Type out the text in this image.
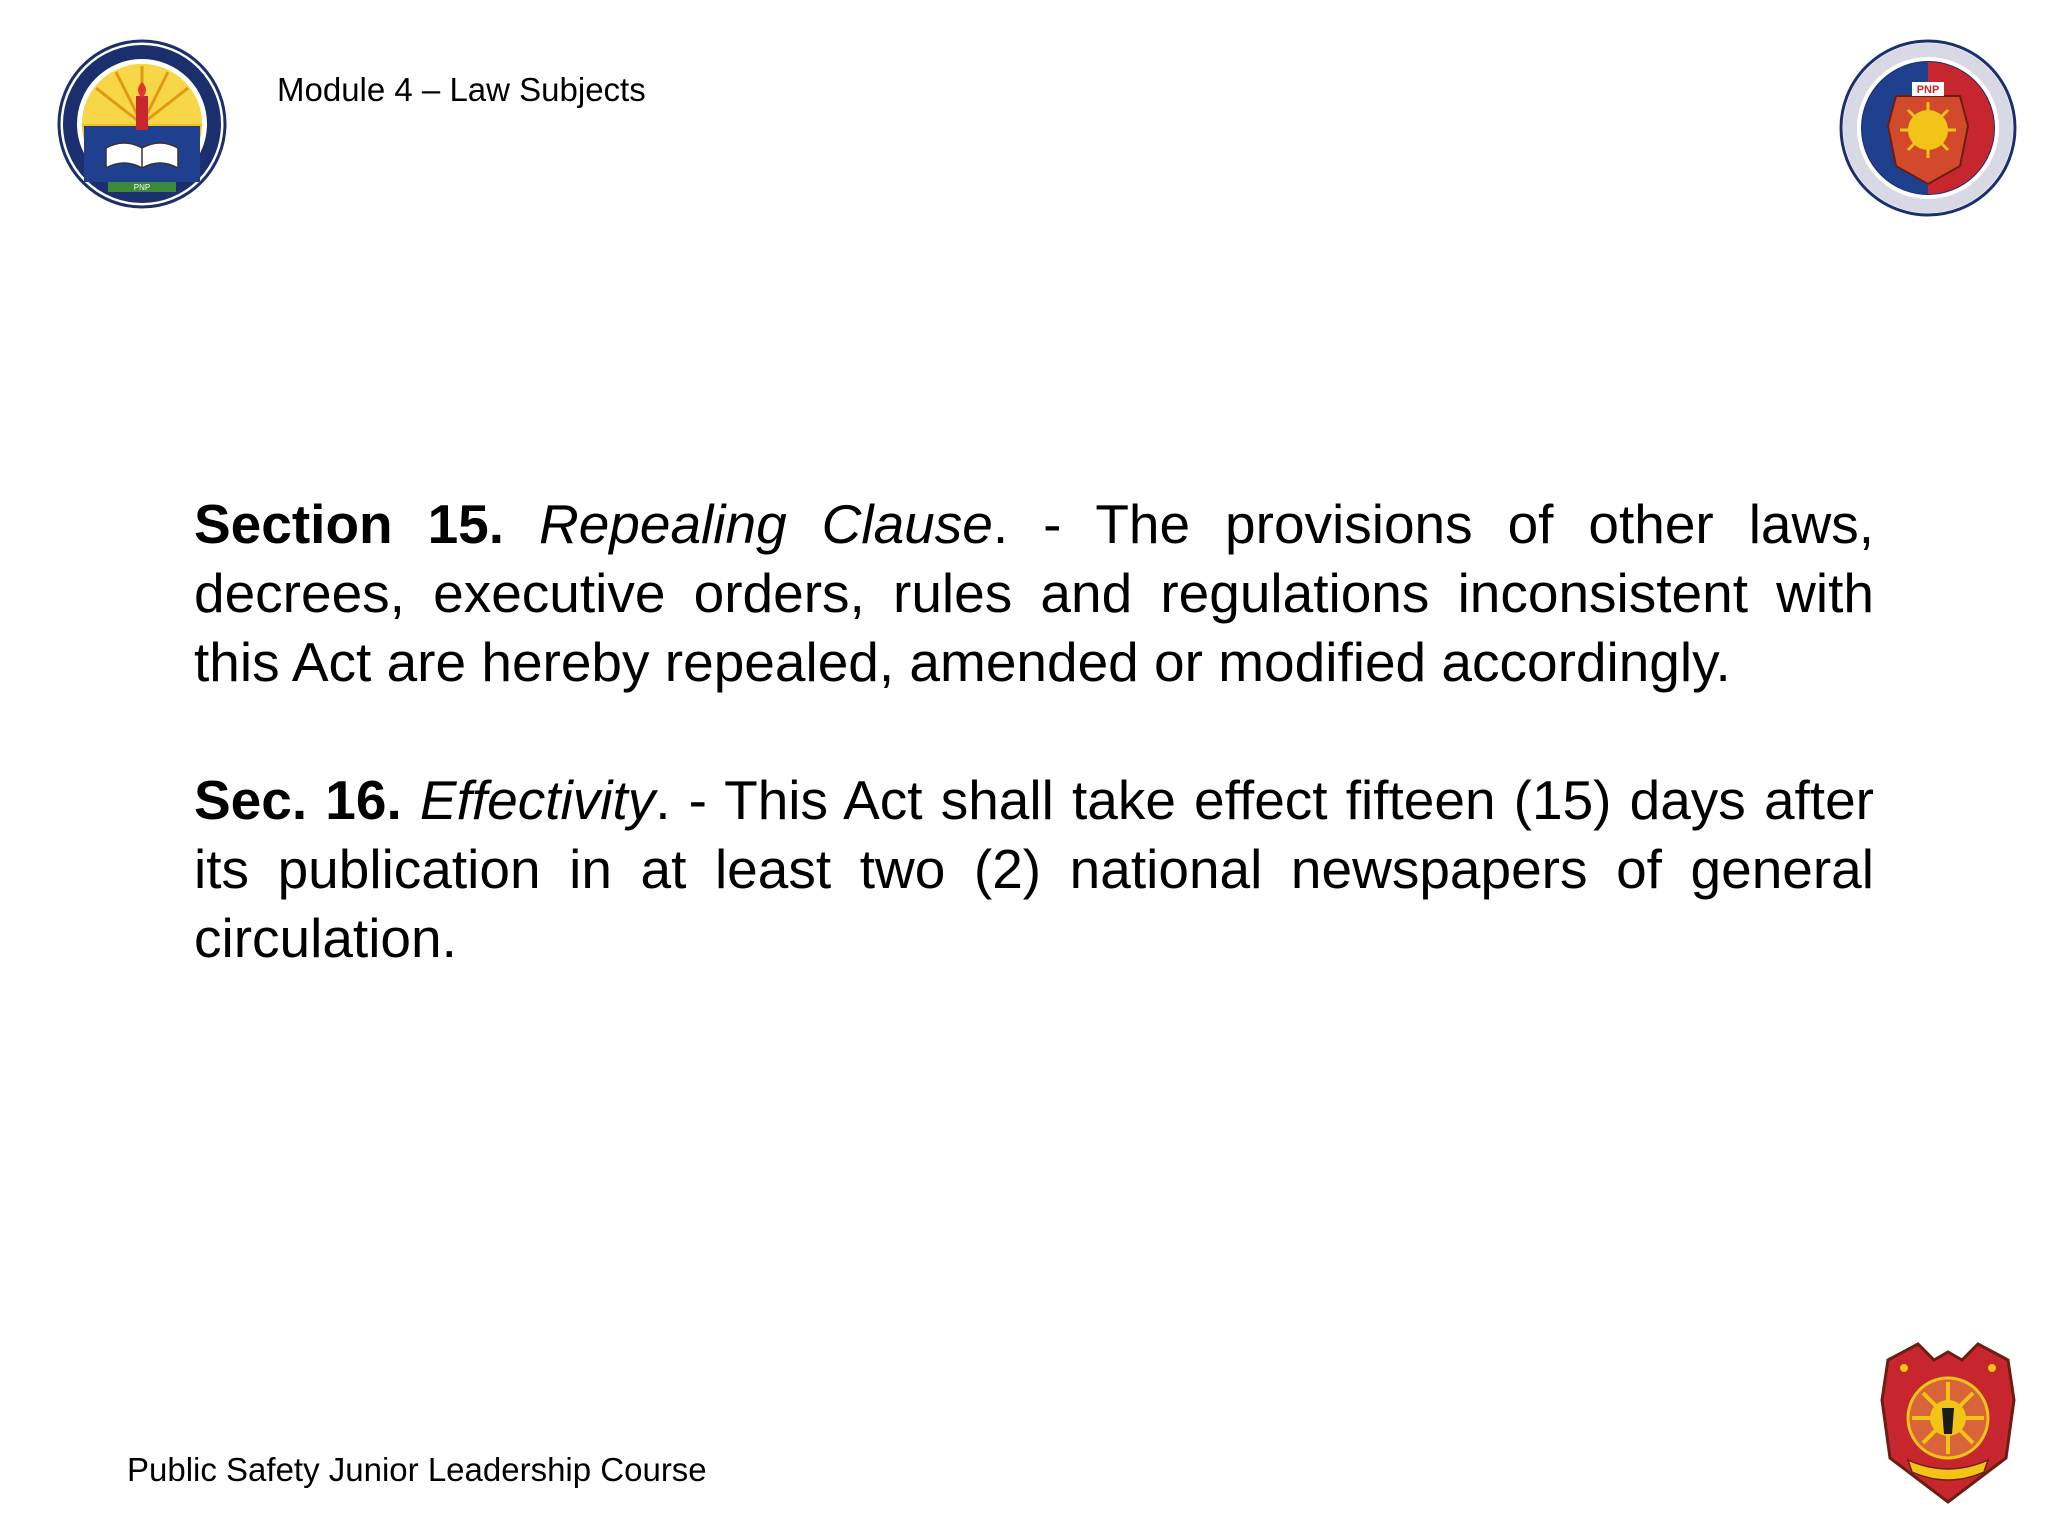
PNP
Module 4 – Law Subjects	PNP

Section 15. Repealing Clause. - The provisions of other laws, decrees, executive orders, rules and regulations inconsistent with this Act are hereby repealed, amended or modified accordingly.

Sec. 16. Effectivity. - This Act shall take effect fifteen (15) days after its publication in at least two (2) national newspapers of general circulation.

Public Safety Junior Leadership Course
